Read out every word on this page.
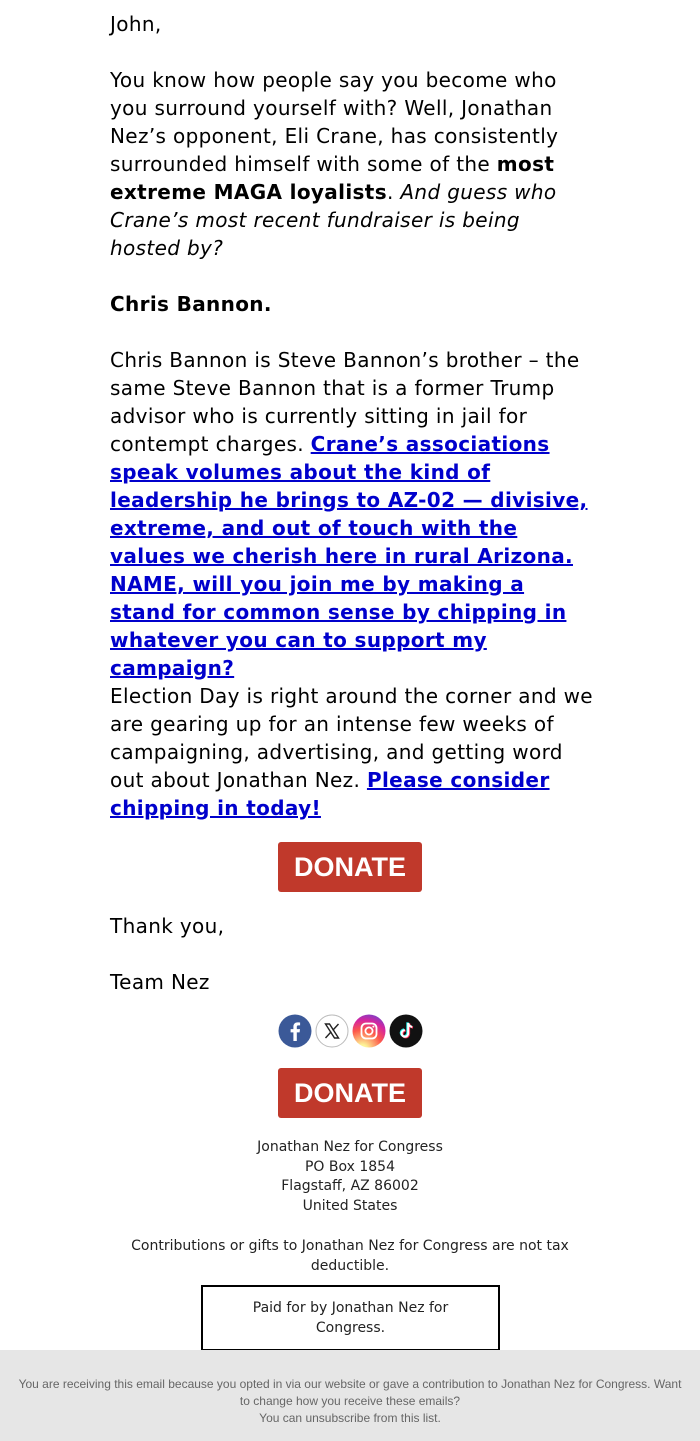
John,

You know how people say you become who you surround yourself with? Well, Jonathan Nez’s opponent, Eli Crane, has consistently surrounded himself with some of the most extreme MAGA loyalists. And guess who Crane’s most recent fundraiser is being hosted by?

Chris Bannon.

Chris Bannon is Steve Bannon’s brother – the same Steve Bannon that is a former Trump advisor who is currently sitting in jail for contempt charges. Crane’s associations speak volumes about the kind of leadership he brings to AZ-02 — divisive, extreme, and out of touch with the values we cherish here in rural Arizona. NAME, will you join me by making a stand for common sense by chipping in whatever you can to support my campaign?

Election Day is right around the corner and we are gearing up for an intense few weeks of campaigning, advertising, and getting word out about Jonathan Nez. Please consider chipping in today!

Thank you,

Team Nez

DONATE
DONATE
Jonathan Nez for Congress
PO Box 1854
Flagstaff, AZ 86002
United States
Contributions or gifts to Jonathan Nez for Congress are not tax deductible.
Paid for by Jonathan Nez for Congress.

You are receiving this email because you opted in via our website or gave a contribution to Jonathan Nez for Congress. Want to change how you receive these emails?
You can unsubscribe from this list.
